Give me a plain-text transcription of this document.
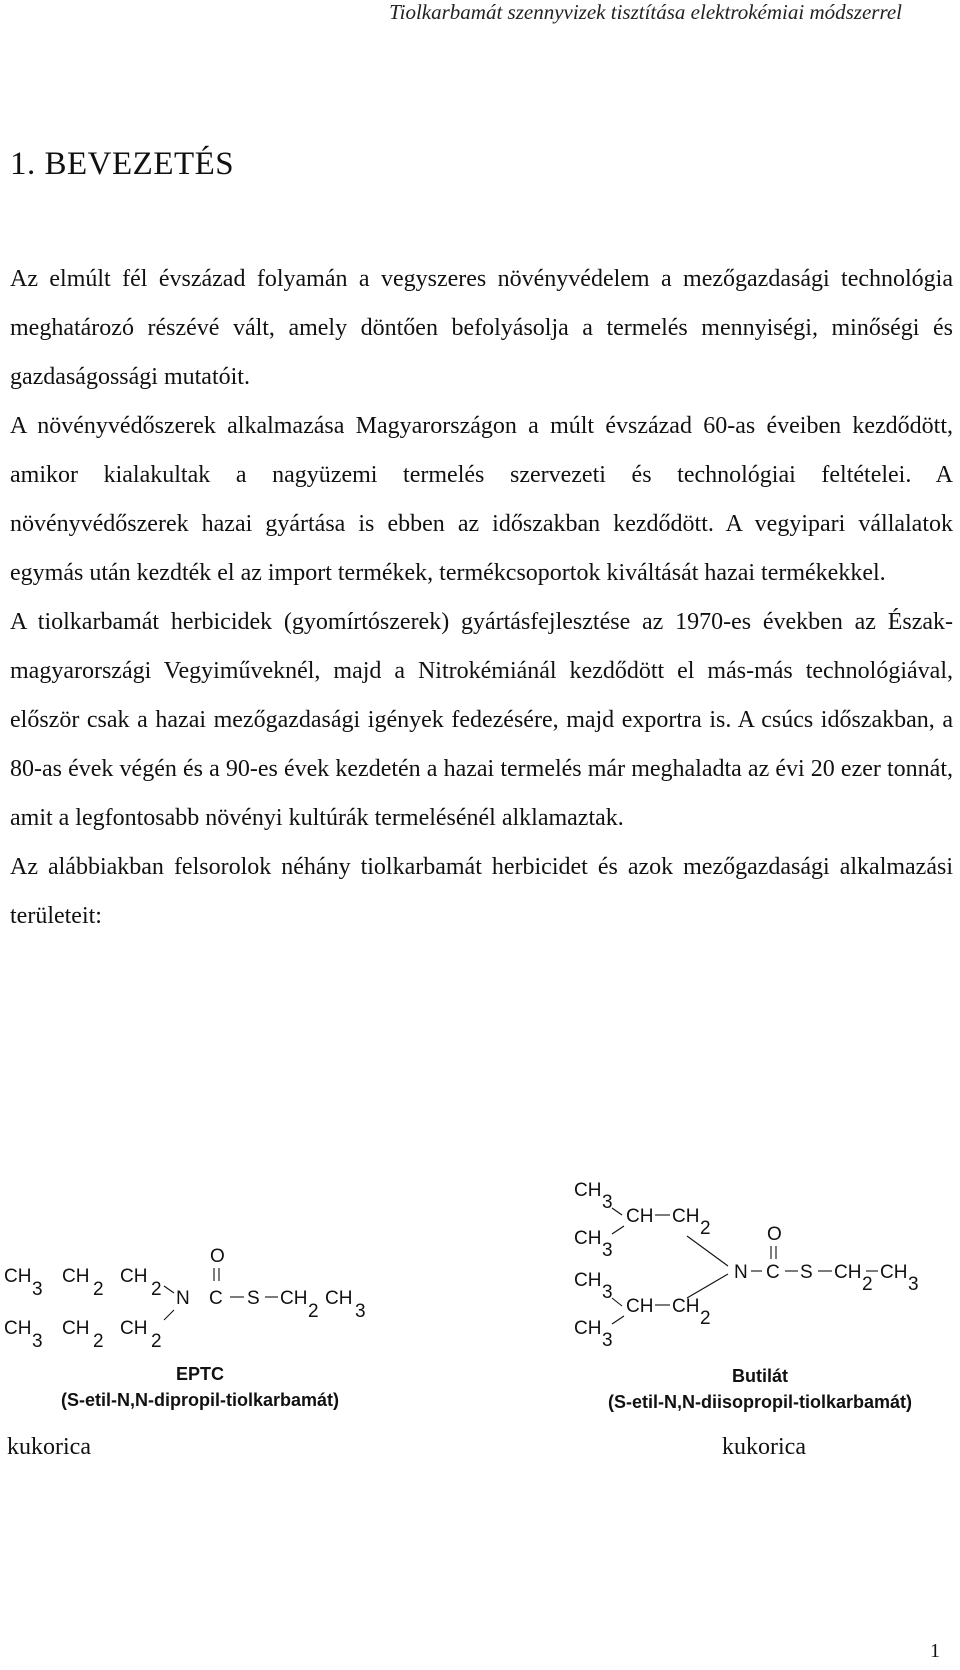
Tiolkarbamát szennyvizek tisztítása elektrokémiai módszerrel
1. BEVEZETÉS

Az elmúlt fél évszázad folyamán a vegyszeres növényvédelem a mezőgazdasági technológia meghatározó részévé vált, amely döntően befolyásolja a termelés mennyiségi, minőségi és gazdaságossági mutatóit.

A növényvédőszerek alkalmazása Magyarországon a múlt évszázad 60-as éveiben kezdődött, amikor kialakultak a nagyüzemi termelés szervezeti és technológiai feltételei. A növényvédőszerek hazai gyártása is ebben az időszakban kezdődött. A vegyipari vállalatok egymás után kezdték el az import termékek, termékcsoportok kiváltását hazai termékekkel.

A tiolkarbamát herbicidek (gyomírtószerek) gyártásfejlesztése az 1970-es években az Észak-magyarországi Vegyiműveknél, majd a Nitrokémiánál kezdődött el más-más technológiával, először csak a hazai mezőgazdasági igények fedezésére, majd exportra is. A csúcs időszakban, a 80-as évek végén és a 90-es évek kezdetén a hazai termelés már meghaladta az évi 20 ezer tonnát, amit a legfontosabb növényi kultúrák termelésénél alklamaztak.

Az alábbiakban felsorolok néhány tiolkarbamát herbicidet és azok mezőgazdasági alkalmazási területeit:

O
CH
3
CH
2
CH
2 N C S CH
2
CH
3
CH
3
CH
2
CH
2
EPTC
(S-etil-N,N-dipropil-tiolkarbamát)
kukorica
CH
3
CH CH
2
CH
3
O
N C S CH
2
CH
3
CH
3
CH CH
2
CH
3
Butilát
(S-etil-N,N-diisopropil-tiolkarbamát)
kukorica
1
